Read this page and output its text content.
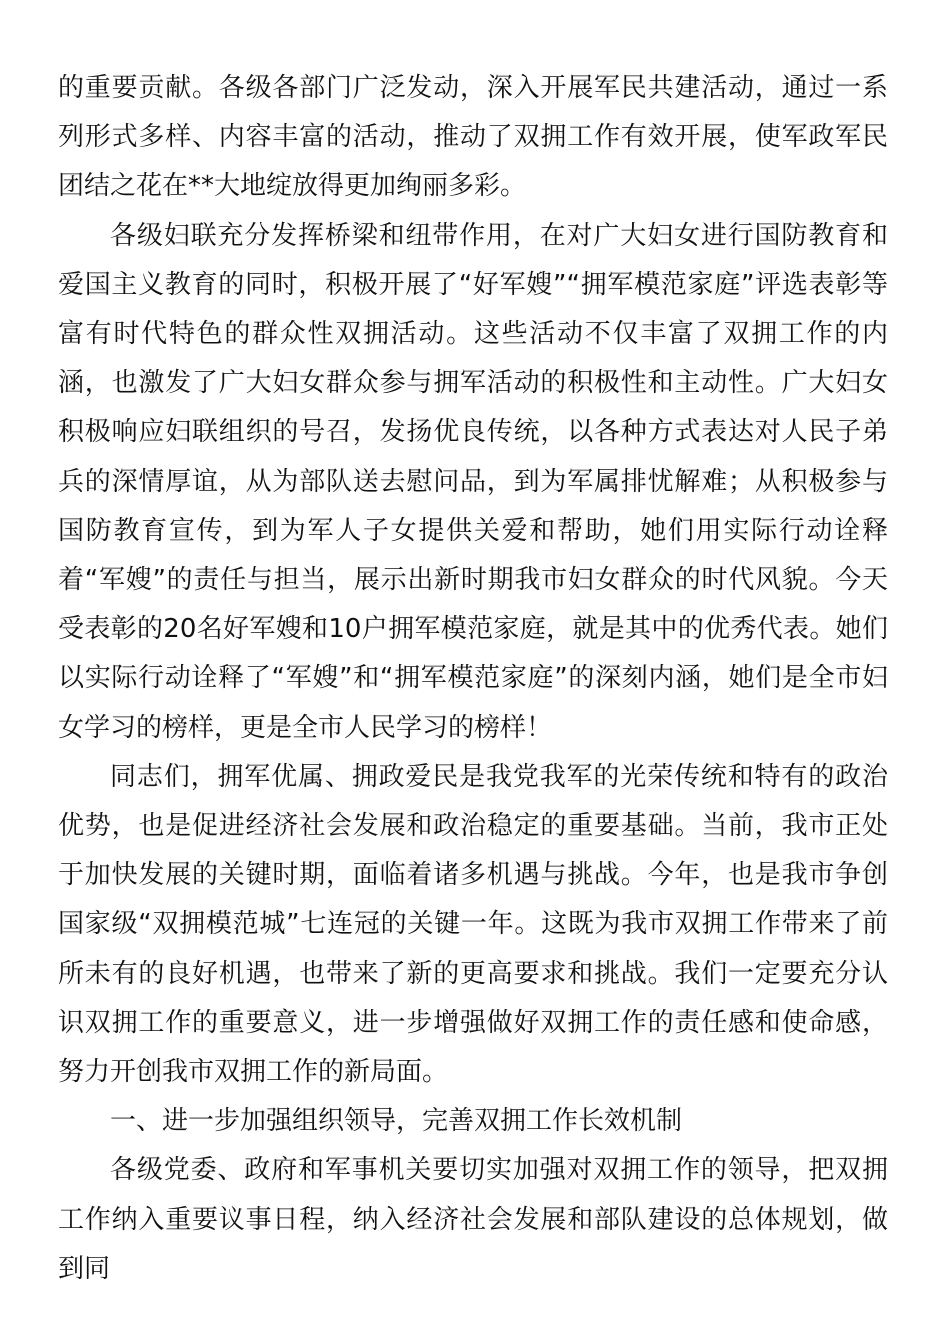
的重要贡献。各级各部门广泛发动，深入开展军民共建活动，通过一系列形式多样、内容丰富的活动，推动了双拥工作有效开展，使军政军民团结之花在**大地绽放得更加绚丽多彩。

各级妇联充分发挥桥梁和纽带作用，在对广大妇女进行国防教育和爱国主义教育的同时，积极开展了“好军嫂”“拥军模范家庭”评选表彰等富有时代特色的群众性双拥活动。这些活动不仅丰富了双拥工作的内涵，也激发了广大妇女群众参与拥军活动的积极性和主动性。广大妇女积极响应妇联组织的号召，发扬优良传统，以各种方式表达对人民子弟兵的深情厚谊，从为部队送去慰问品，到为军属排忧解难；从积极参与国防教育宣传，到为军人子女提供关爱和帮助，她们用实际行动诠释着“军嫂”的责任与担当，展示出新时期我市妇女群众的时代风貌。今天受表彰的20名好军嫂和10户拥军模范家庭，就是其中的优秀代表。她们以实际行动诠释了“军嫂”和“拥军模范家庭”的深刻内涵，她们是全市妇女学习的榜样，更是全市人民学习的榜样！

同志们，拥军优属、拥政爱民是我党我军的光荣传统和特有的政治优势，也是促进经济社会发展和政治稳定的重要基础。当前，我市正处于加快发展的关键时期，面临着诸多机遇与挑战。今年，也是我市争创国家级“双拥模范城”七连冠的关键一年。这既为我市双拥工作带来了前所未有的良好机遇，也带来了新的更高要求和挑战。我们一定要充分认识双拥工作的重要意义，进一步增强做好双拥工作的责任感和使命感，努力开创我市双拥工作的新局面。

一、进一步加强组织领导，完善双拥工作长效机制

各级党委、政府和军事机关要切实加强对双拥工作的领导，把双拥工作纳入重要议事日程，纳入经济社会发展和部队建设的总体规划，做到同
